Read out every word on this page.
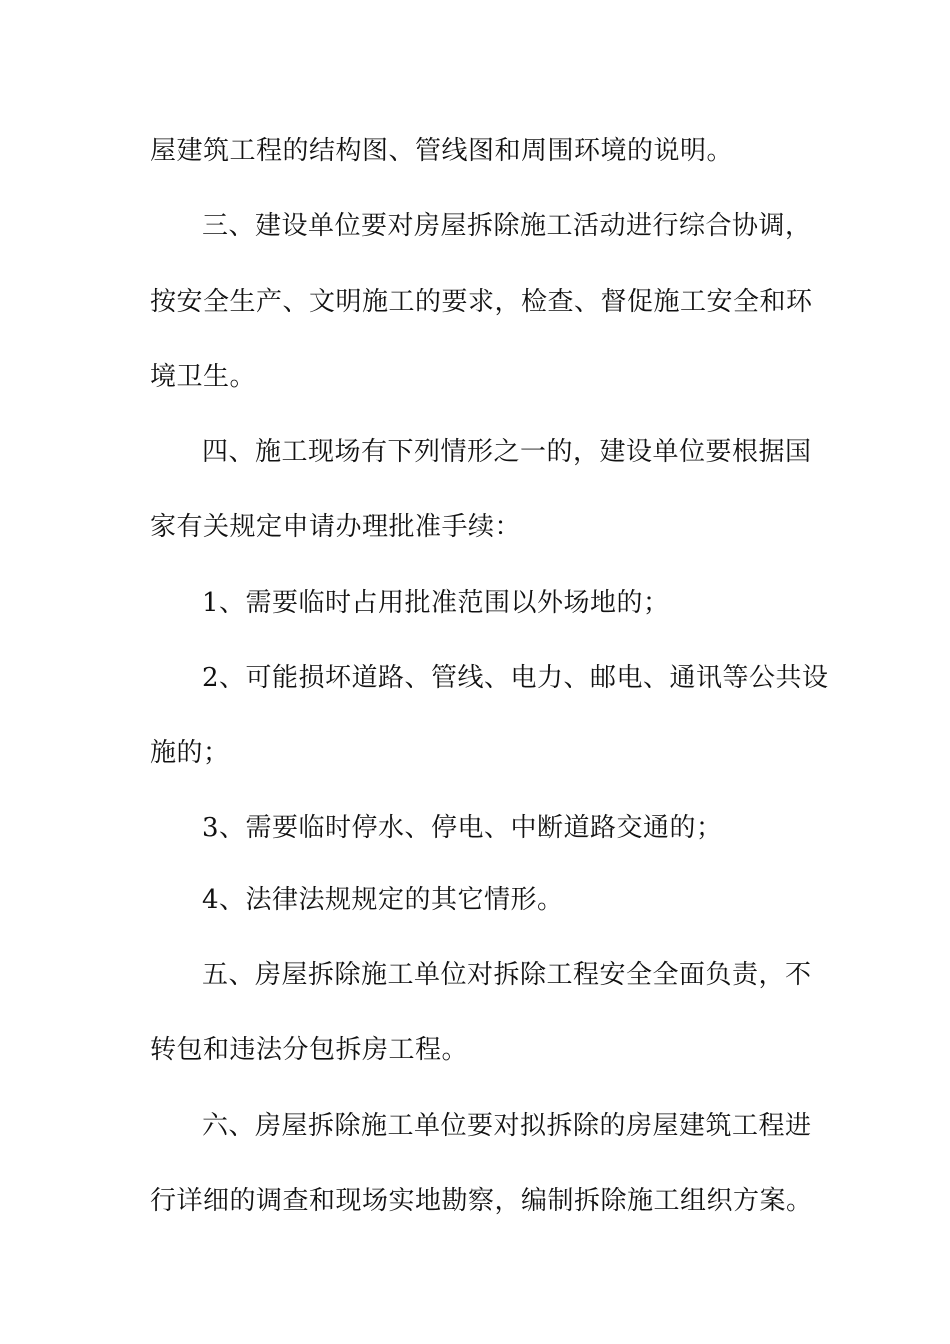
屋建筑工程的结构图、管线图和周围环境的说明。
三、建设单位要对房屋拆除施工活动进行综合协调，
按安全生产、文明施工的要求，检查、督促施工安全和环
境卫生。
四、施工现场有下列情形之一的，建设单位要根据国
家有关规定申请办理批准手续：
1、需要临时占用批准范围以外场地的；
2、可能损坏道路、管线、电力、邮电、通讯等公共设
施的；
3、需要临时停水、停电、中断道路交通的；
4、法律法规规定的其它情形。
五、房屋拆除施工单位对拆除工程安全全面负责，不
转包和违法分包拆房工程。
六、房屋拆除施工单位要对拟拆除的房屋建筑工程进
行详细的调查和现场实地勘察，编制拆除施工组织方案。
